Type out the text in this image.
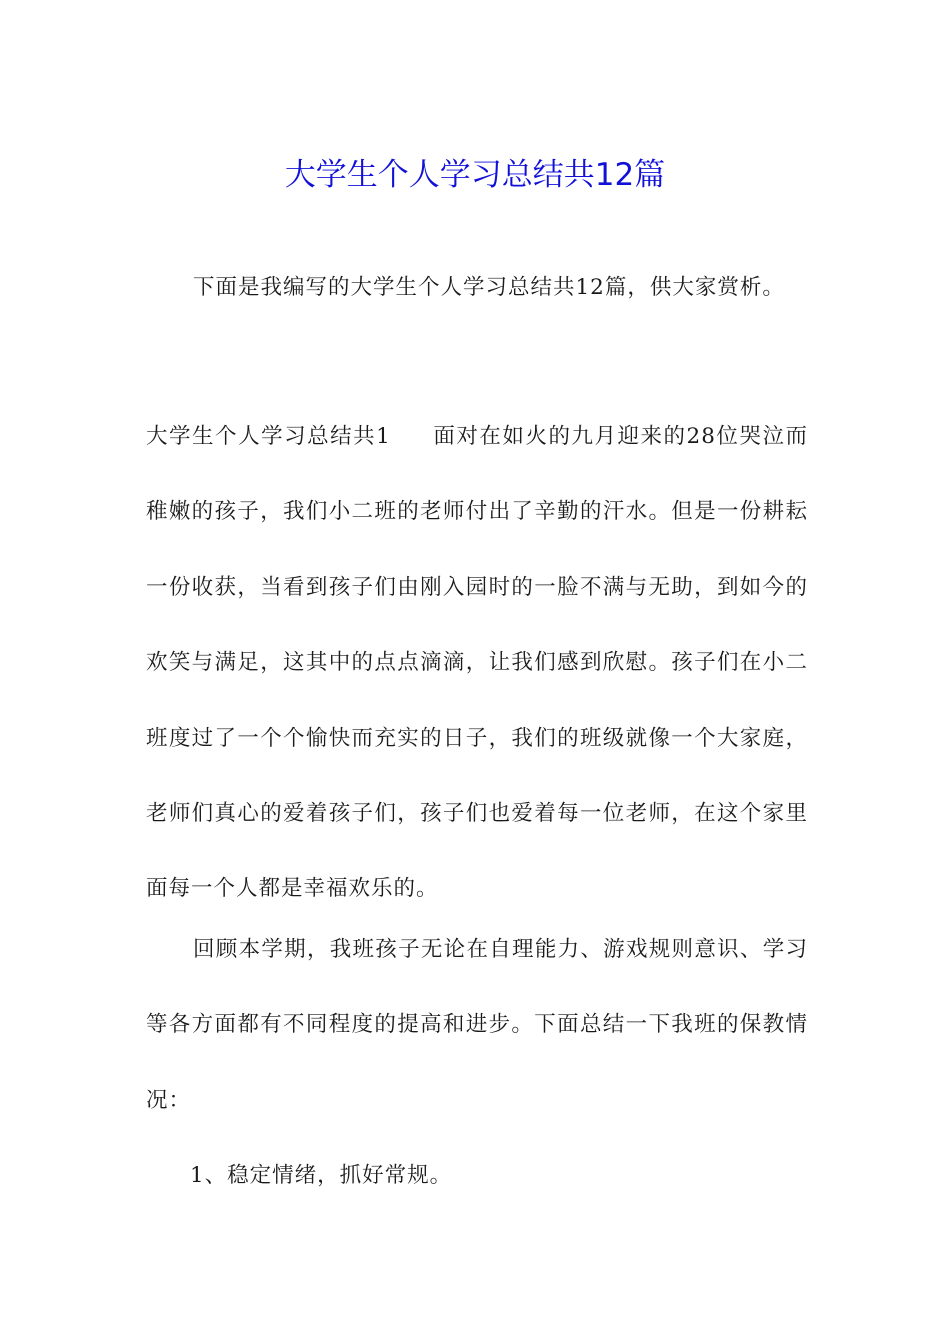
大学生个人学习总结共12篇

下面是我编写的大学生个人学习总结共12篇，供大家赏析。

大学生个人学习总结共1 面对在如火的九月迎来的28位哭泣而稚嫩的孩子，我们小二班的老师付出了辛勤的汗水。但是一份耕耘一份收获，当看到孩子们由刚入园时的一脸不满与无助，到如今的欢笑与满足，这其中的点点滴滴，让我们感到欣慰。孩子们在小二班度过了一个个愉快而充实的日子，我们的班级就像一个大家庭，老师们真心的爱着孩子们，孩子们也爱着每一位老师，在这个家里面每一个人都是幸福欢乐的。

回顾本学期，我班孩子无论在自理能力、游戏规则意识、学习等各方面都有不同程度的提高和进步。下面总结一下我班的保教情况：

1、稳定情绪，抓好常规。
